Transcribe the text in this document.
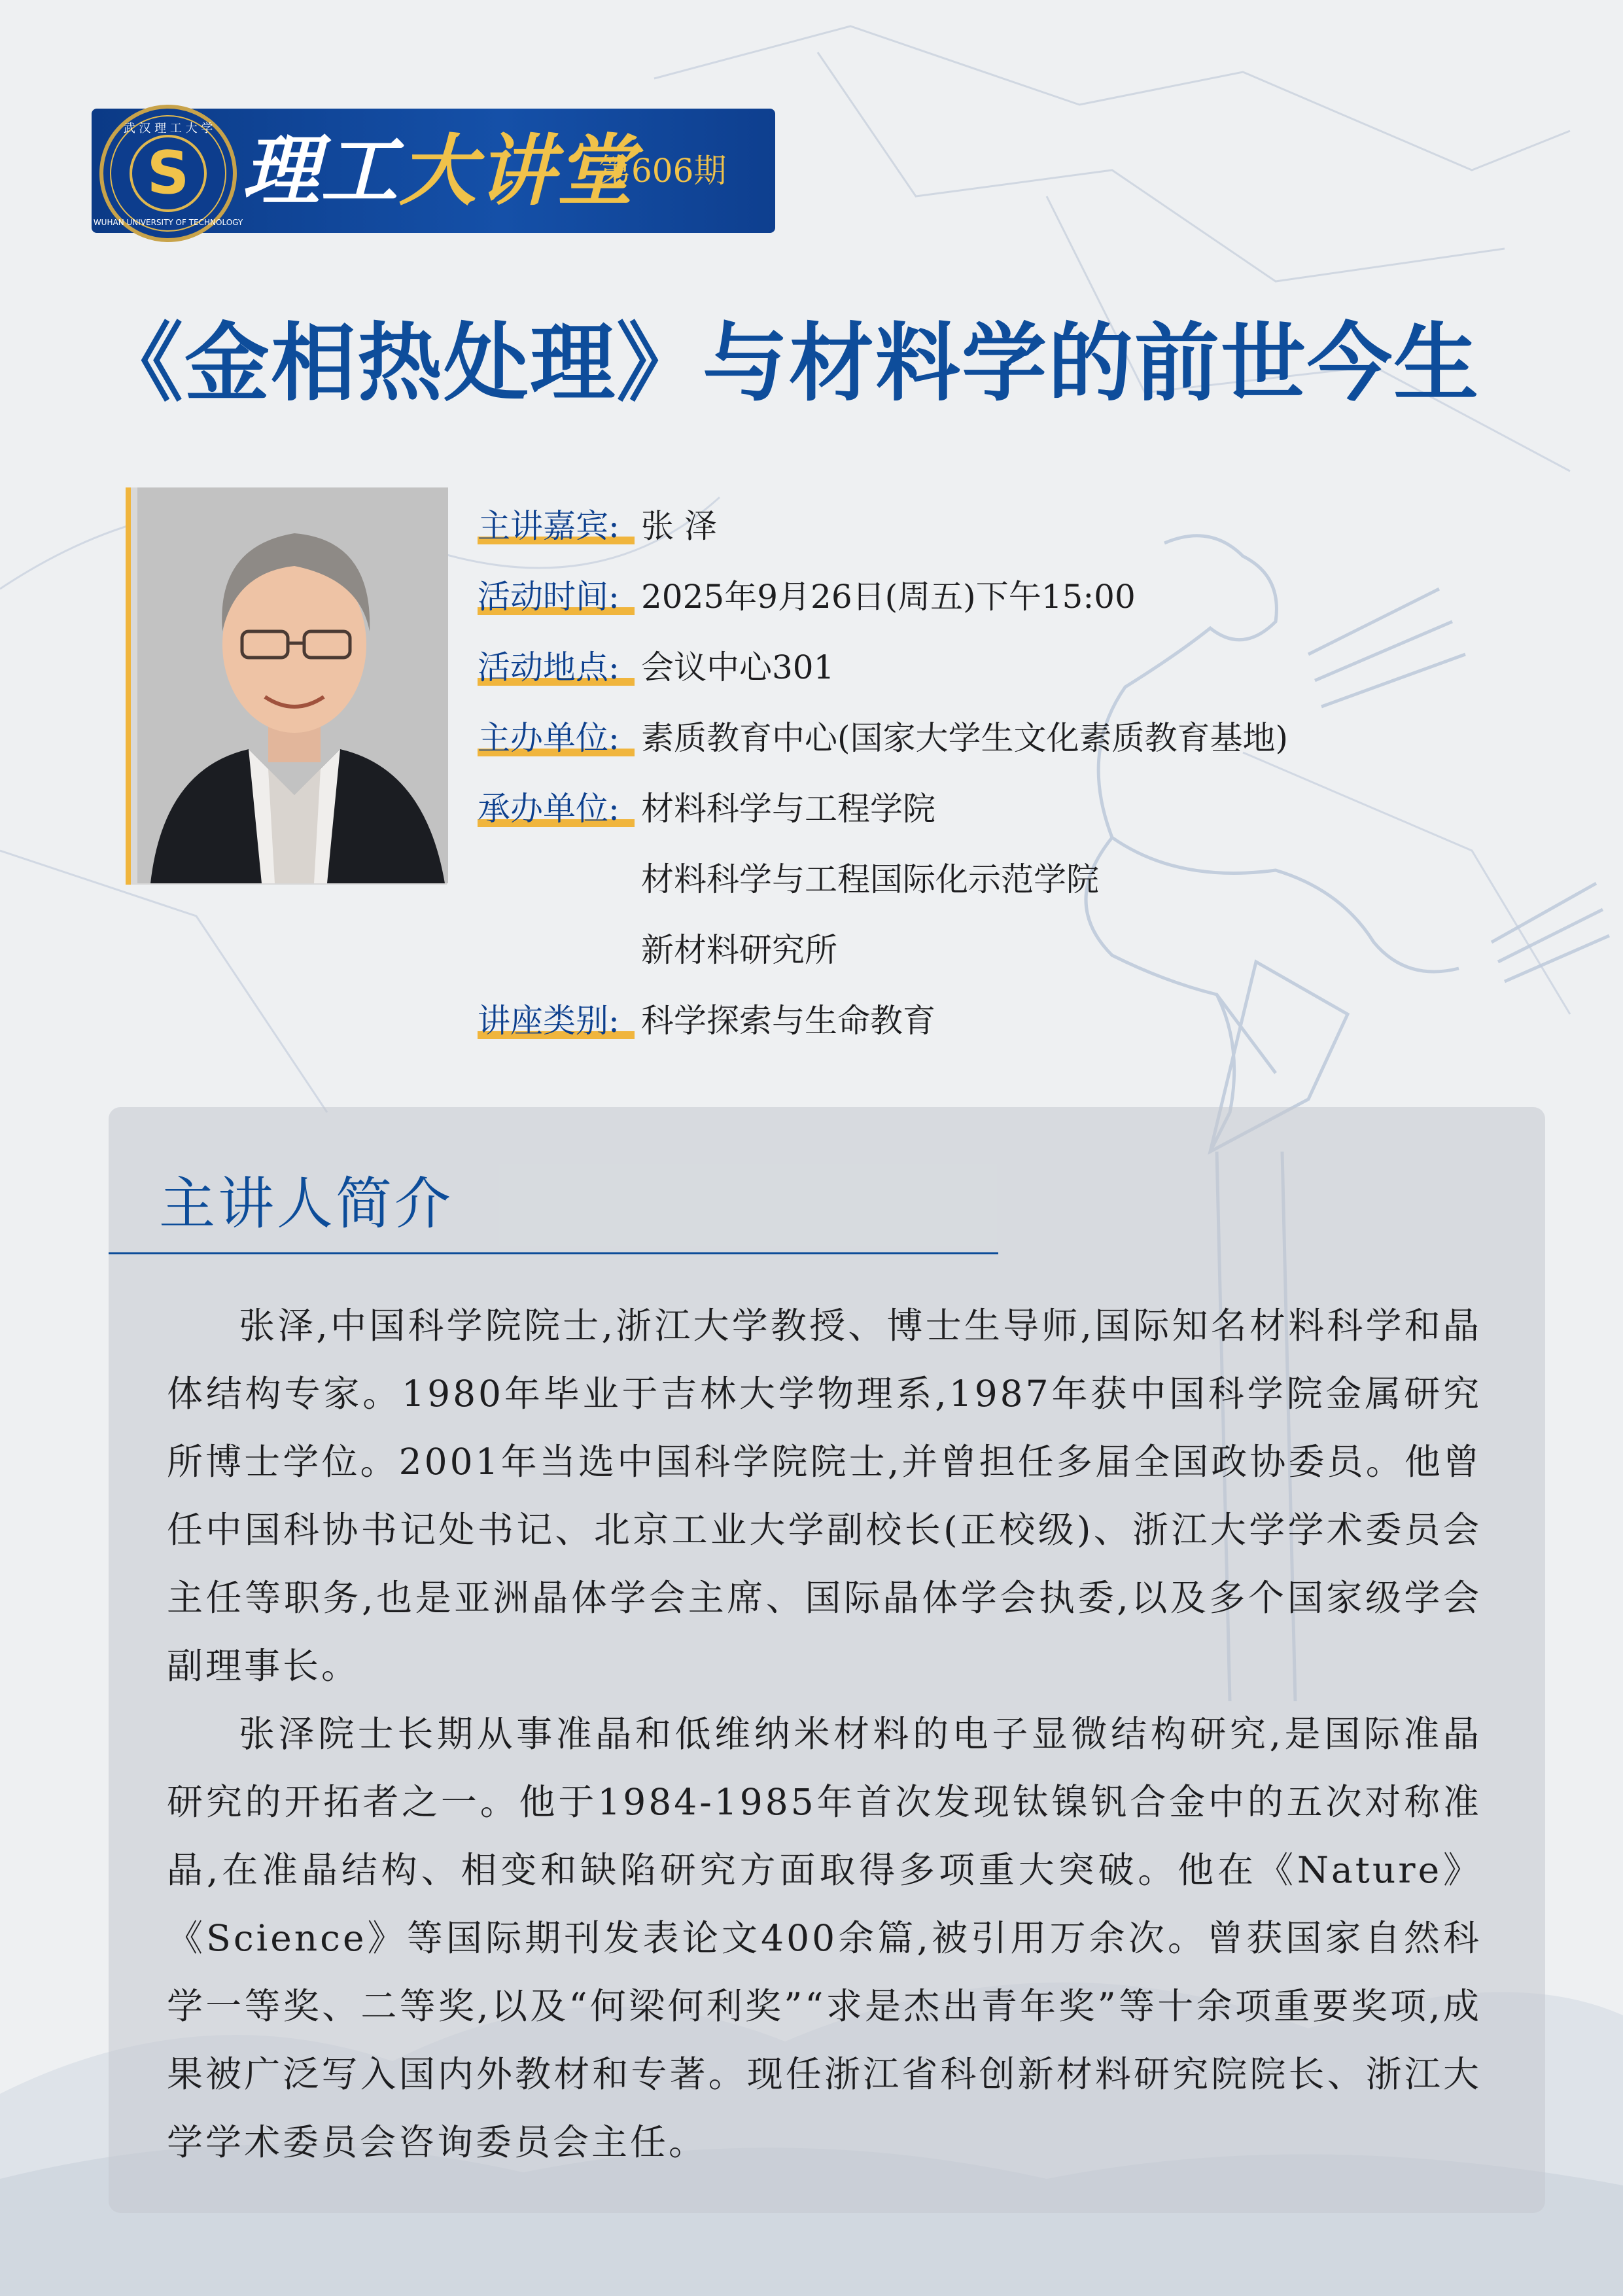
武 汉 理 工 大 学
WUHAN UNIVERSITY OF TECHNOLOGY
S 理工大讲堂
第606期
《金相热处理》与材料学的前世今生
主讲嘉宾: 张 泽
活动时间: 2025年9月26日(周五)下午15:00
活动地点: 会议中心301
主办单位: 素质教育中心(国家大学生文化素质教育基地)
承办单位: 材料科学与工程学院
材料科学与工程国际化示范学院
新材料研究所
讲座类别: 科学探索与生命教育
主讲人简介

张泽,中国科学院院士,浙江大学教授、博士生导师,国际知名材料科学和晶体结构专家。1980年毕业于吉林大学物理系,1987年获中国科学院金属研究所博士学位。2001年当选中国科学院院士,并曾担任多届全国政协委员。他曾任中国科协书记处书记、北京工业大学副校长(正校级)、浙江大学学术委员会主任等职务,也是亚洲晶体学会主席、国际晶体学会执委,以及多个国家级学会副理事长。

张泽院士长期从事准晶和低维纳米材料的电子显微结构研究,是国际准晶研究的开拓者之一。他于1984-1985年首次发现钛镍钒合金中的五次对称准晶,在准晶结构、相变和缺陷研究方面取得多项重大突破。他在《Nature》《Science》等国际期刊发表论文400余篇,被引用万余次。曾获国家自然科学一等奖、二等奖,以及“何梁何利奖”“求是杰出青年奖”等十余项重要奖项,成果被广泛写入国内外教材和专著。现任浙江省科创新材料研究院院长、浙江大学学术委员会咨询委员会主任。
